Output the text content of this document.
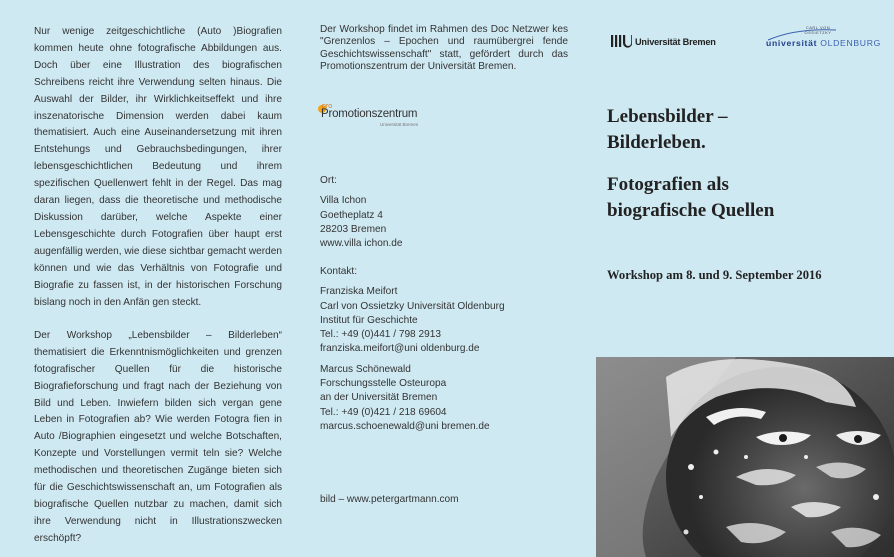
Nur wenige zeitgeschichtliche (Auto )Biografien kommen heute ohne fotografische Abbildungen aus. Doch über eine Illustration des biografischen Schreibens reicht ihre Verwendung selten hinaus. Die Auswahl der Bilder, ihr Wirklichkeitseffekt und ihre inszenatorische Dimension werden dabei kaum thematisiert. Auch eine Auseinandersetzung mit ihren Entstehungs und Gebrauchsbedingungen, ihrer lebensgeschichtlichen Bedeutung und ihrem spezifischen Quellenwert fehlt in der Regel. Das mag daran liegen, dass die theoretische und methodische Diskussion darüber, welche Aspekte einer Lebensgeschichte durch Fotografien über haupt erst augenfällig werden, wie diese sichtbar gemacht werden können und wie das Verhältnis von Fotografie und Biografie zu fassen ist, in der historischen Forschung bislang noch in den Anfän gen steckt.

Der Workshop „Lebensbilder – Bilderleben“ thematisiert die Erkenntnismöglichkeiten und grenzen fotografischer Quellen für die historische Biografieforschung und fragt nach der Beziehung von Bild und Leben. Inwiefern bilden sich vergan gene Leben in Fotografien ab? Wie werden Fotogra fien in Auto /Biographien eingesetzt und welche Botschaften, Konzepte und Vorstellungen vermit teln sie? Welche methodischen und theoretischen Zugänge bieten sich für die Geschichtswissenschaft an, um Fotografien als biografische Quellen nutzbar zu machen, damit sich ihre Verwendung nicht in Illustrationszwecken erschöpft?

Der Workshop findet im Rahmen des Doc Netzwer kes "Grenzenlos – Epochen und raumübergrei fende Geschichtswissenschaft" statt, gefördert durch das Promotionszentrum der Universität Bremen.
pro
Promotionszentrum
Universität Bremen
Ort:
Villa Ichon
Goetheplatz 4
28203 Bremen
www.villa ichon.de
Kontakt:
Franziska Meifort
Carl von Ossietzky Universität Oldenburg
Institut für Geschichte
Tel.: +49 (0)441 / 798 2913
franziska.meifort@uni oldenburg.de
Marcus Schönewald
Forschungsstelle Osteuropa
an der Universität Bremen
Tel.: +49 (0)421 / 218 69604
marcus.schoenewald@uni bremen.de
bild – www.petergartmann.com
Universität Bremen
CARL VON OSSIETZKY
universität OLDENBURG
Lebensbilder –
Bilderleben.
Fotografien als
biografische Quellen
Workshop am 8. und 9. September 2016
